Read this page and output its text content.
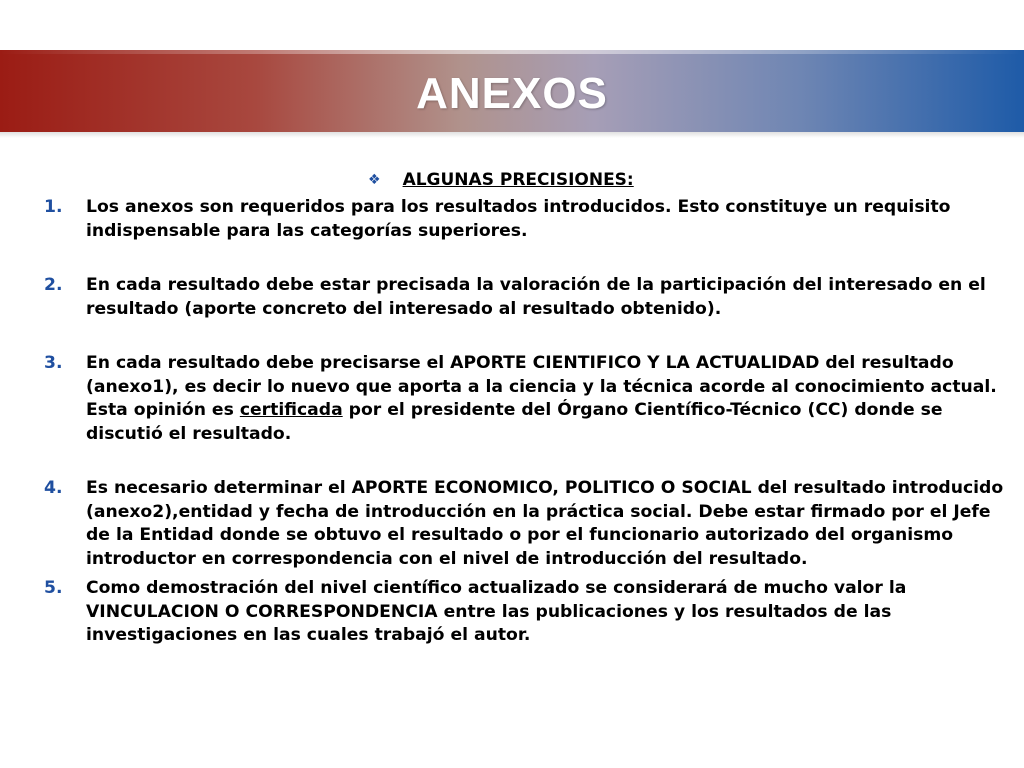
ANEXOS
❖ ALGUNAS PRECISIONES:
1.	Los anexos son requeridos para los resultados introducidos. Esto constituye un requisito indispensable para las categorías superiores.
2.	En cada resultado debe estar precisada la valoración de la participación del interesado en el resultado (aporte concreto del interesado al resultado obtenido).
3.	En cada resultado debe precisarse el APORTE CIENTIFICO Y LA ACTUALIDAD del resultado (anexo1), es decir lo nuevo que aporta a la ciencia y la técnica acorde al conocimiento actual. Esta opinión es certificada por el presidente del Órgano Científico-Técnico (CC) donde se discutió el resultado.
4.	Es necesario determinar el APORTE ECONOMICO, POLITICO O SOCIAL del resultado introducido (anexo2),entidad y fecha de introducción en la práctica social. Debe estar firmado por el Jefe de la Entidad donde se obtuvo el resultado o por el funcionario autorizado del organismo introductor en correspondencia con el nivel de introducción del resultado.
5.	Como demostración del nivel científico actualizado se considerará de mucho valor la VINCULACION O CORRESPONDENCIA entre las publicaciones y los resultados de las investigaciones en las cuales trabajó el autor.
